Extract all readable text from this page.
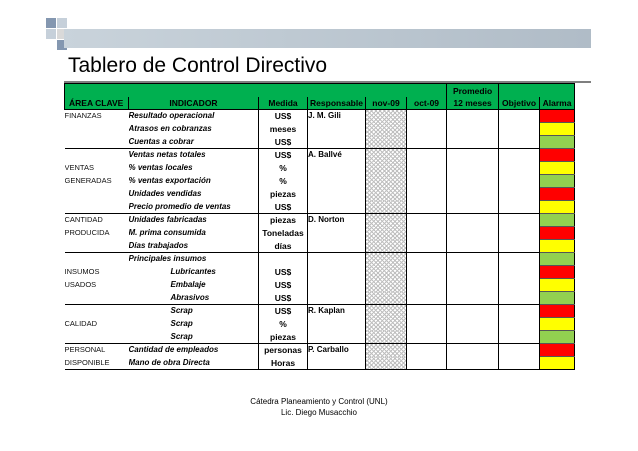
Tablero de Control Directivo
						Promedio		
ÁREA CLAVE	INDICADOR	Medida	Responsable	nov-09	oct-09	12 meses	Objetivo	Alarma
FINANZAS	Resultado operacional	US$	J. M. Gili					
	Atrasos en cobranzas	meses						
	Cuentas a cobrar	US$						
	Ventas netas totales	US$	A. Ballvé					
VENTAS	% ventas locales	%						
GENERADAS	% ventas exportación	%						
	Unidades vendidas	piezas						
	Precio promedio de ventas	US$						
CANTIDAD	Unidades fabricadas	piezas	D. Norton					
PRODUCIDA	M. prima consumida	Toneladas						
	Días trabajados	días						
	Principales insumos							
INSUMOS	Lubricantes	US$						
USADOS	Embalaje	US$						
	Abrasivos	US$						
	Scrap	US$	R. Kaplan					
CALIDAD	Scrap	%						
	Scrap	piezas						
PERSONAL	Cantidad de empleados	personas	P. Carballo					
DISPONIBLE	Mano de obra Directa	Horas						
Cátedra Planeamiento y Control (UNL)
Lic. Diego Musacchio
